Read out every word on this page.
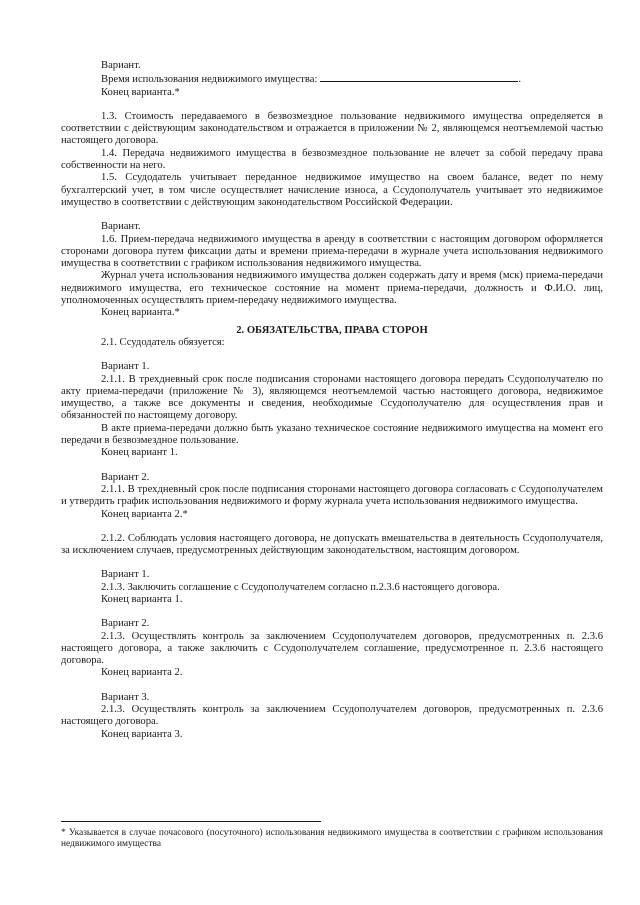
Вариант.

Время использования недвижимого имущества:	.

Конец варианта.*

1.3. Стоимость передаваемого в безвозмездное пользование недвижимого имущества определяется в соответствии с действующим законодательством и отражается в приложении № 2, являющемся неотъемлемой частью настоящего договора.

1.4. Передача недвижимого имущества в безвозмездное пользование не влечет за собой передачу права собственности на него.

1.5. Ссудодатель учитывает переданное недвижимое имущество на своем балансе, ведет по нему бухгалтерский учет, в том числе осуществляет начисление износа, а Ссудополучатель учитывает это недвижимое имущество в соответствии с действующим законодательством Российской Федерации.

Вариант.

1.6. Прием-передача недвижимого имущества в аренду в соответствии с настоящим договором оформляется сторонами договора путем фиксации даты и времени приема-передачи в журнале учета использования недвижимого имущества в соответствии с графиком использования недвижимого имущества.

Журнал учета использования недвижимого имущества должен содержать дату и время (мск) приема-передачи недвижимого имущества, его техническое состояние на момент приема-передачи, должность и Ф.И.О. лиц, уполномоченных осуществлять прием-передачу недвижимого имущества.

Конец варианта.*

2. ОБЯЗАТЕЛЬСТВА, ПРАВА СТОРОН

2.1. Ссудодатель обязуется:

Вариант 1.

2.1.1. В трехдневный срок после подписания сторонами настоящего договора передать Ссудополучателю по акту приема-передачи (приложение № 3), являющемся неотъемлемой частью настоящего договора, недвижимое имущество, а также все документы и сведения, необходимые Ссудополучателю для осуществления прав и обязанностей по настоящему договору.

В акте приема-передачи должно быть указано техническое состояние недвижимого имущества на момент его передачи в безвозмездное пользование.

Конец вариант 1.

Вариант 2.

2.1.1. В трехдневный срок после подписания сторонами настоящего договора согласовать с Ссудополучателем и утвердить график использования недвижимого и форму журнала учета использования недвижимого имущества.

Конец варианта 2.*

2.1.2. Соблюдать условия настоящего договора, не допускать вмешательства в деятельность Ссудополучателя, за исключением случаев, предусмотренных действующим законодательством, настоящим договором.

Вариант 1.

2.1.3. Заключить соглашение с Ссудополучателем согласно п.2.3.6 настоящего договора.

Конец варианта 1.

Вариант 2.

2.1.3. Осуществлять контроль за заключением Ссудополучателем договоров, предусмотренных п. 2.3.6 настоящего договора, а также заключить с Ссудополучателем соглашение, предусмотренное п. 2.3.6 настоящего договора.

Конец варианта 2.

Вариант 3.

2.1.3. Осуществлять контроль за заключением Ссудополучателем договоров, предусмотренных п. 2.3.6 настоящего договора.

Конец варианта 3.

* Указывается в случае почасового (посуточного) использования недвижимого имущества в соответствии с графиком использования недвижимого имущества
